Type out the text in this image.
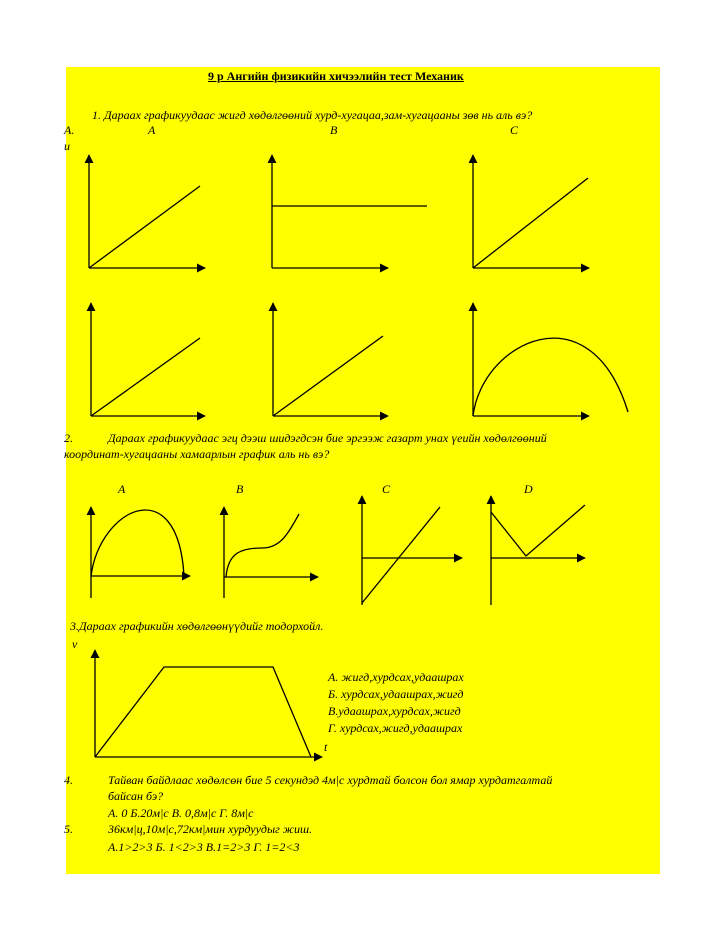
9 р Ангийн физикийн хичээлийн тест Механик
1. Дараах графикуудаас жигд хөдөлгөөний хурд-хугацаа,зам-хугацааны зөв нь аль вэ?
А.	А	В	С
u
2.	Дараах графикуудаас эгц дээш шидэгдсэн бие эргээж газарт унах үеийн хөдөлгөөний
координат-хугацааны хамаарлын график аль нь вэ?
А	В	С	D
3.Дараах графикийн хөдөлгөөнүүдийг тодорхойл.
v
А. жигд,хурдсах,удаашрах
Б. хурдсах,удаашрах,жигд
В.удаашрах,хурдсах,жигд
Г. хурдсах,жигд,удаашрах
t
4.	Тайван байдлаас хөдөлсөн бие 5 секундэд 4м|с хурдтай болсон бол ямар хурдатгалтай
байсан бэ?
А. 0 Б.20м|с В. 0,8м|с Г. 8м|с
5.	36км|ц,10м|с,72км|мин хурдуудыг жиш.
А.1>2>3 Б. 1<2>3 В.1=2>3 Г. 1=2<3
